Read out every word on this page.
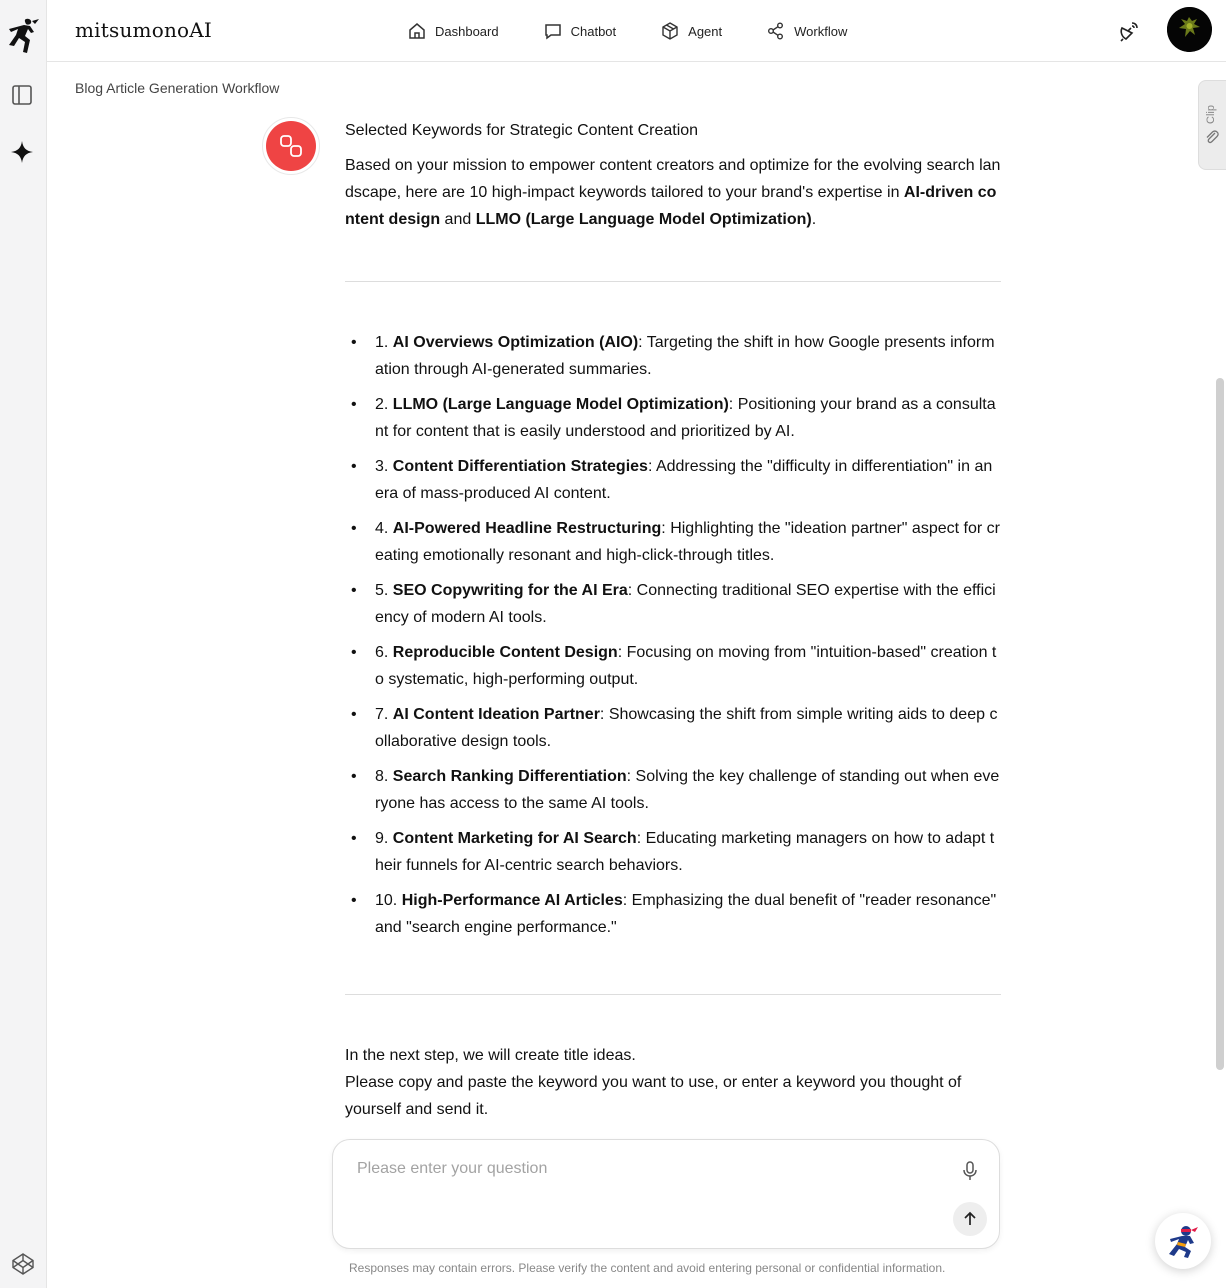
mitsumonoAI	Dashboard	Chatbot	Agent	Workflow
Blog Article Generation Workflow
Clip
Selected Keywords for Strategic Content Creation

Based on your mission to empower content creators and optimize for the evolving search landscape, here are 10 high-impact keywords tailored to your brand's expertise in AI-driven content design and LLMO (Large Language Model Optimization).

• 1. AI Overviews Optimization (AIO): Targeting the shift in how Google presents information through AI-generated summaries.
• 2. LLMO (Large Language Model Optimization): Positioning your brand as a consultant for content that is easily understood and prioritized by AI.
• 3. Content Differentiation Strategies: Addressing the "difficulty in differentiation" in an era of mass-produced AI content.
• 4. AI-Powered Headline Restructuring: Highlighting the "ideation partner" aspect for creating emotionally resonant and high-click-through titles.
• 5. SEO Copywriting for the AI Era: Connecting traditional SEO expertise with the efficiency of modern AI tools.
• 6. Reproducible Content Design: Focusing on moving from "intuition-based" creation to systematic, high-performing output.
• 7. AI Content Ideation Partner: Showcasing the shift from simple writing aids to deep collaborative design tools.
• 8. Search Ranking Differentiation: Solving the key challenge of standing out when everyone has access to the same AI tools.
• 9. Content Marketing for AI Search: Educating marketing managers on how to adapt their funnels for AI-centric search behaviors.
• 10. High-Performance AI Articles: Emphasizing the dual benefit of "reader resonance" and "search engine performance."
In the next step, we will create title ideas.
Please copy and paste the keyword you want to use, or enter a keyword you thought of yourself and send it.
Please enter your question
Responses may contain errors. Please verify the content and avoid entering personal or confidential information.
